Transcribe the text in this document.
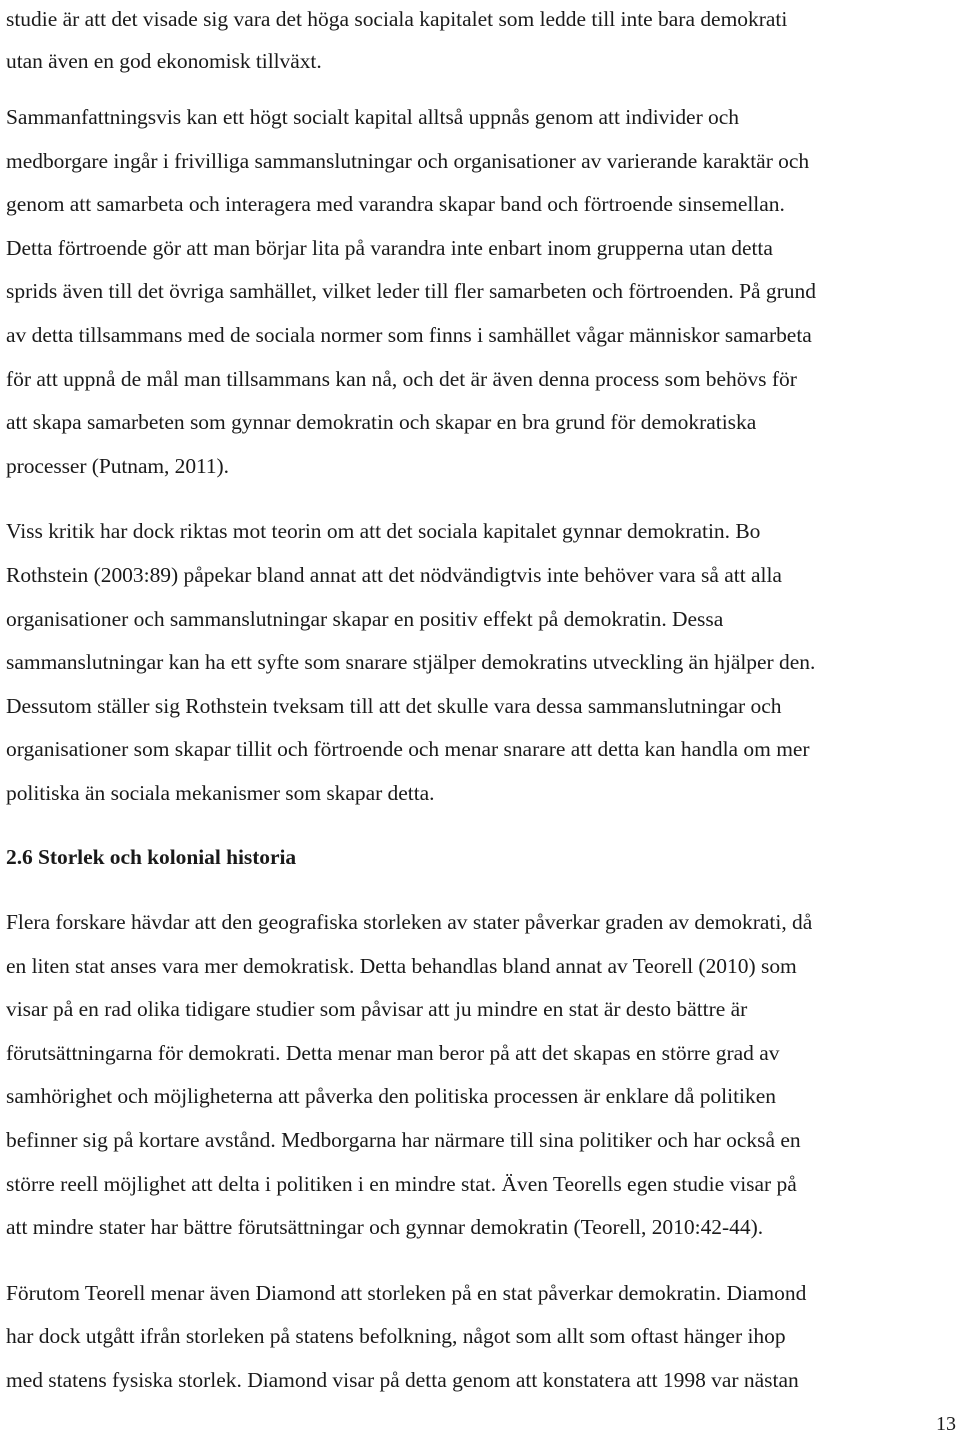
studie är att det visade sig vara det höga sociala kapitalet som ledde till inte bara demokrati
utan även en god ekonomisk tillväxt.
Sammanfattningsvis kan ett högt socialt kapital alltså uppnås genom att individer och
medborgare ingår i frivilliga sammanslutningar och organisationer av varierande karaktär och
genom att samarbeta och interagera med varandra skapar band och förtroende sinsemellan.
Detta förtroende gör att man börjar lita på varandra inte enbart inom grupperna utan detta
sprids även till det övriga samhället, vilket leder till fler samarbeten och förtroenden. På grund
av detta tillsammans med de sociala normer som finns i samhället vågar människor samarbeta
för att uppnå de mål man tillsammans kan nå, och det är även denna process som behövs för
att skapa samarbeten som gynnar demokratin och skapar en bra grund för demokratiska
processer (Putnam, 2011).
Viss kritik har dock riktas mot teorin om att det sociala kapitalet gynnar demokratin. Bo
Rothstein (2003:89) påpekar bland annat att det nödvändigtvis inte behöver vara så att alla
organisationer och sammanslutningar skapar en positiv effekt på demokratin. Dessa
sammanslutningar kan ha ett syfte som snarare stjälper demokratins utveckling än hjälper den.
Dessutom ställer sig Rothstein tveksam till att det skulle vara dessa sammanslutningar och
organisationer som skapar tillit och förtroende och menar snarare att detta kan handla om mer
politiska än sociala mekanismer som skapar detta.
2.6 Storlek och kolonial historia
Flera forskare hävdar att den geografiska storleken av stater påverkar graden av demokrati, då
en liten stat anses vara mer demokratisk. Detta behandlas bland annat av Teorell (2010) som
visar på en rad olika tidigare studier som påvisar att ju mindre en stat är desto bättre är
förutsättningarna för demokrati. Detta menar man beror på att det skapas en större grad av
samhörighet och möjligheterna att påverka den politiska processen är enklare då politiken
befinner sig på kortare avstånd. Medborgarna har närmare till sina politiker och har också en
större reell möjlighet att delta i politiken i en mindre stat. Även Teorells egen studie visar på
att mindre stater har bättre förutsättningar och gynnar demokratin (Teorell, 2010:42-44).
Förutom Teorell menar även Diamond att storleken på en stat påverkar demokratin. Diamond
har dock utgått ifrån storleken på statens befolkning, något som allt som oftast hänger ihop
med statens fysiska storlek. Diamond visar på detta genom att konstatera att 1998 var nästan
13
